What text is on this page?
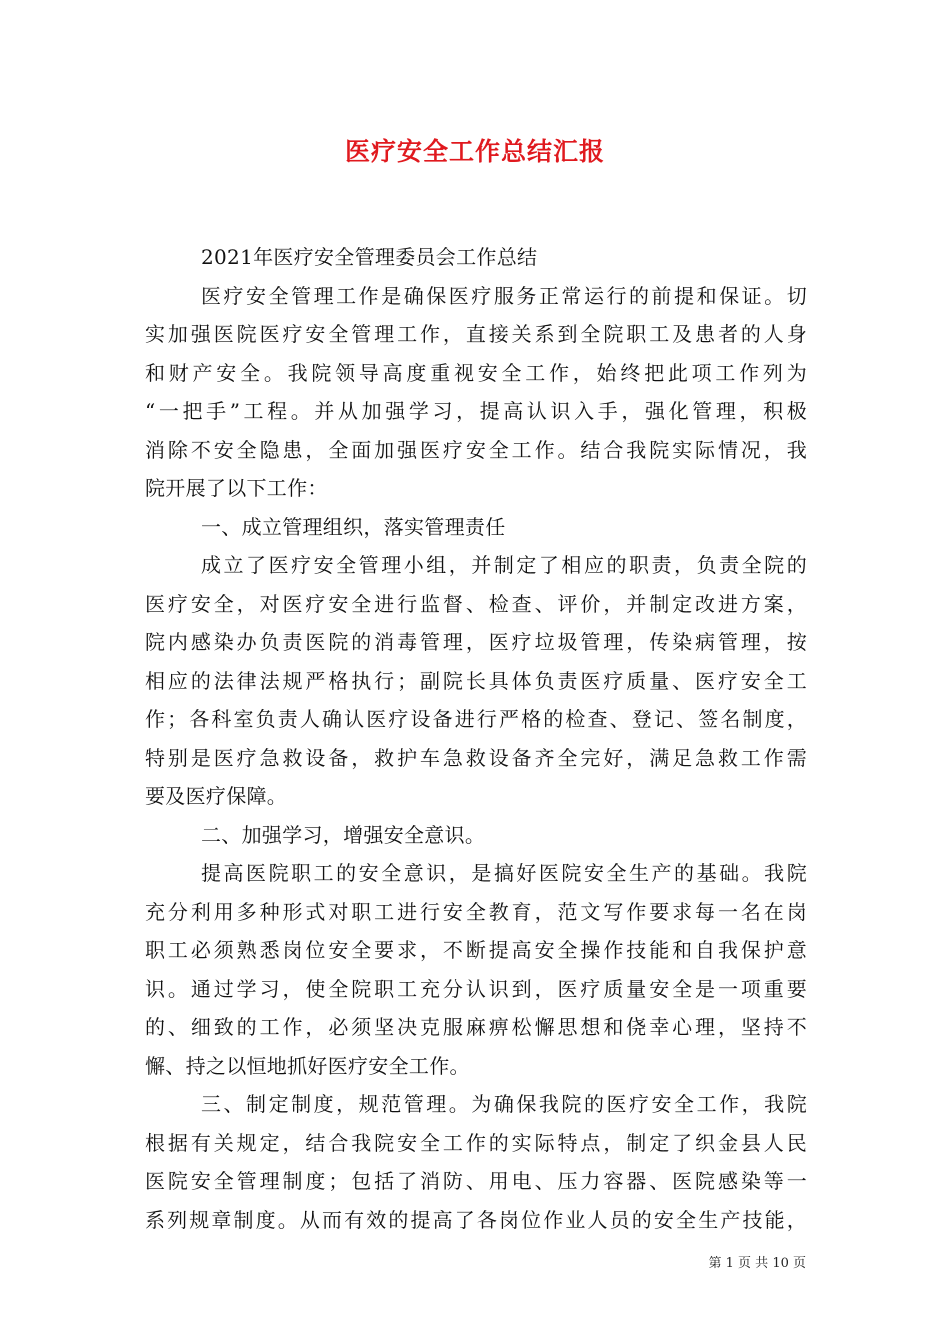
医疗安全工作总结汇报
2021年医疗安全管理委员会工作总结
医疗安全管理工作是确保医疗服务正常运行的前提和保证。切
实加强医院医疗安全管理工作，直接关系到全院职工及患者的人身
和财产安全。我院领导高度重视安全工作，始终把此项工作列为
“一把手”工程。并从加强学习，提高认识入手，强化管理，积极
消除不安全隐患，全面加强医疗安全工作。结合我院实际情况，我
院开展了以下工作：
一、成立管理组织，落实管理责任
成立了医疗安全管理小组，并制定了相应的职责，负责全院的
医疗安全，对医疗安全进行监督、检查、评价，并制定改进方案，
院内感染办负责医院的消毒管理，医疗垃圾管理，传染病管理，按
相应的法律法规严格执行；副院长具体负责医疗质量、医疗安全工
作；各科室负责人确认医疗设备进行严格的检查、登记、签名制度，
特别是医疗急救设备，救护车急救设备齐全完好，满足急救工作需
要及医疗保障。
二、加强学习，增强安全意识。
提高医院职工的安全意识，是搞好医院安全生产的基础。我院
充分利用多种形式对职工进行安全教育，范文写作要求每一名在岗
职工必须熟悉岗位安全要求，不断提高安全操作技能和自我保护意
识。通过学习，使全院职工充分认识到，医疗质量安全是一项重要
的、细致的工作，必须坚决克服麻痹松懈思想和侥幸心理，坚持不
懈、持之以恒地抓好医疗安全工作。
三、制定制度，规范管理。为确保我院的医疗安全工作，我院
根据有关规定，结合我院安全工作的实际特点，制定了织金县人民
医院安全管理制度；包括了消防、用电、压力容器、医院感染等一
系列规章制度。从而有效的提高了各岗位作业人员的安全生产技能，
第 1 页 共 10 页
